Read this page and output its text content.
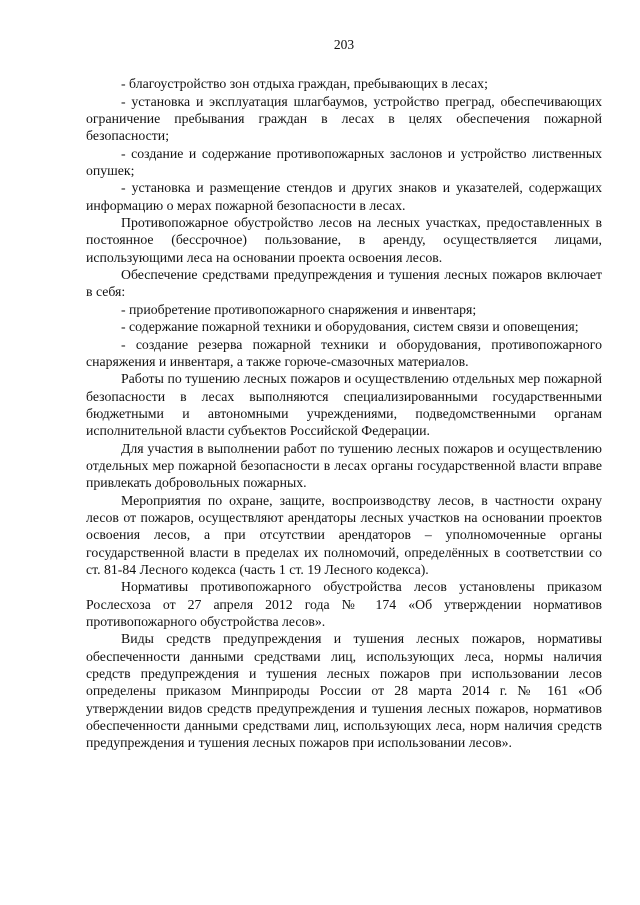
203

- благоустройство зон отдыха граждан, пребывающих в лесах;

- установка и эксплуатация шлагбаумов, устройство преград, обеспечивающих ограничение пребывания граждан в лесах в целях обеспечения пожарной безопасности;

- создание и содержание противопожарных заслонов и устройство лиственных опушек;

- установка и размещение стендов и других знаков и указателей, содержащих информацию о мерах пожарной безопасности в лесах.

Противопожарное обустройство лесов на лесных участках, предоставленных в постоянное (бессрочное) пользование, в аренду, осуществляется лицами, использующими леса на основании проекта освоения лесов.

Обеспечение средствами предупреждения и тушения лесных пожаров включает в себя:

- приобретение противопожарного снаряжения и инвентаря;

- содержание пожарной техники и оборудования, систем связи и оповещения;

- создание резерва пожарной техники и оборудования, противопожарного снаряжения и инвентаря, а также горюче-смазочных материалов.

Работы по тушению лесных пожаров и осуществлению отдельных мер пожарной безопасности в лесах выполняются специализированными государственными бюджетными и автономными учреждениями, подведомственными органам исполнительной власти субъектов Российской Федерации.

Для участия в выполнении работ по тушению лесных пожаров и осуществлению отдельных мер пожарной безопасности в лесах органы государственной власти вправе привлекать добровольных пожарных.

Мероприятия по охране, защите, воспроизводству лесов, в частности охрану лесов от пожаров, осуществляют арендаторы лесных участков на основании проектов освоения лесов, а при отсутствии арендаторов – уполномоченные органы государственной власти в пределах их полномочий, определённых в соответствии со ст. 81-84 Лесного кодекса (часть 1 ст. 19 Лесного кодекса).

Нормативы противопожарного обустройства лесов установлены приказом Рослесхоза от 27 апреля 2012 года № 174 «Об утверждении нормативов противопожарного обустройства лесов».

Виды средств предупреждения и тушения лесных пожаров, нормативы обеспеченности данными средствами лиц, использующих леса, нормы наличия средств предупреждения и тушения лесных пожаров при использовании лесов определены приказом Минприроды России от 28 марта 2014 г. № 161 «Об утверждении видов средств предупреждения и тушения лесных пожаров, нормативов обеспеченности данными средствами лиц, использующих леса, норм наличия средств предупреждения и тушения лесных пожаров при использовании лесов».
